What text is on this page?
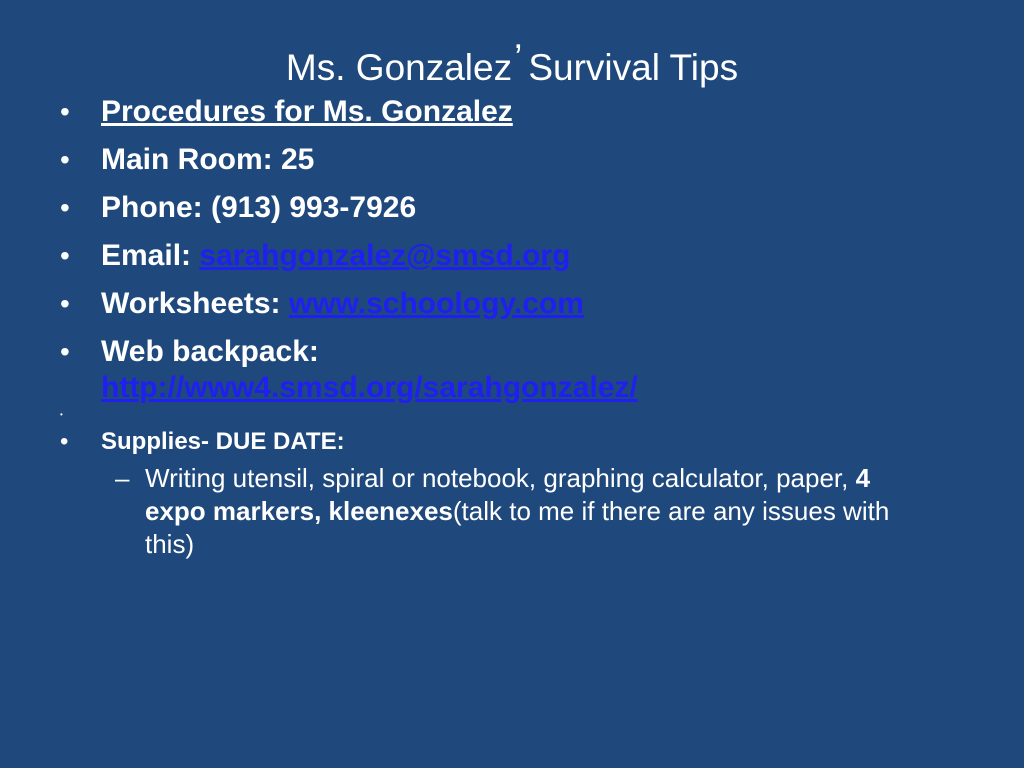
Ms. Gonzalez’ Survival Tips
•	Procedures for Ms. Gonzalez
•	Main Room: 25
•	Phone: (913) 993-7926
•	Email: sarahgonzalez@smsd.org
•	Worksheets: www.schoology.com
•	Web backpack:
http://www4.smsd.org/sarahgonzalez/
•
•	Supplies- DUE DATE:
– Writing utensil, spiral or notebook, graphing calculator, paper, 4 expo markers, kleenexes(talk to me if there are any issues with this)
